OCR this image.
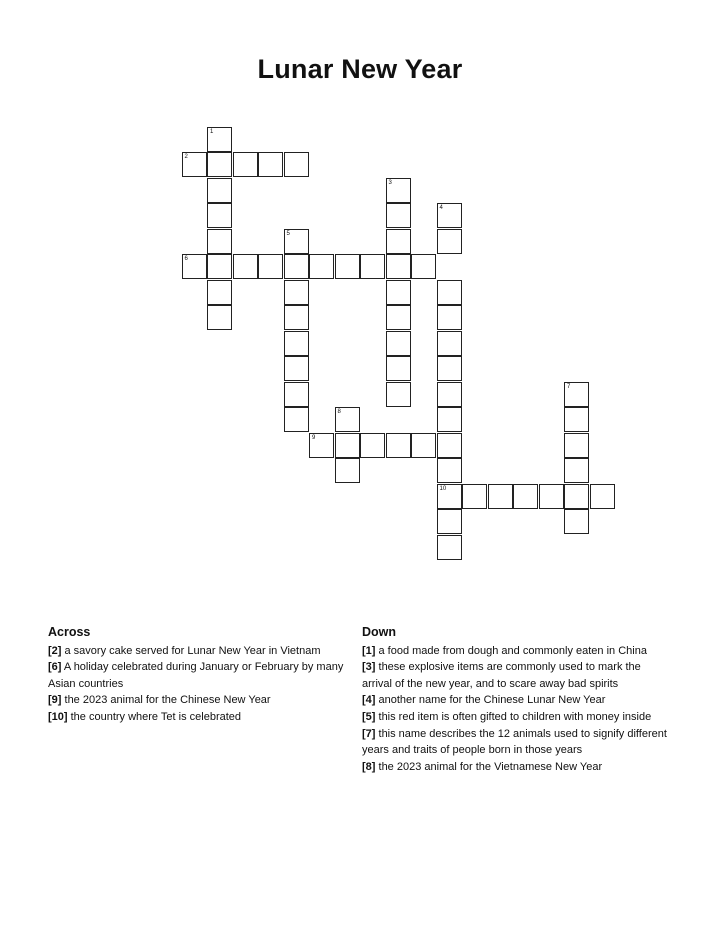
Lunar New Year
1
2
6
5
3
4
8
9
10
7
Across
[2] a savory cake served for Lunar New Year in Vietnam
[6] A holiday celebrated during January or February by many Asian countries
[9] the 2023 animal for the Chinese New Year
[10] the country where Tet is celebrated
Down
[1] a food made from dough and commonly eaten in China
[3] these explosive items are commonly used to mark the arrival of the new year, and to scare away bad spirits
[4] another name for the Chinese Lunar New Year
[5] this red item is often gifted to children with money inside
[7] this name describes the 12 animals used to signify different years and traits of people born in those years
[8] the 2023 animal for the Vietnamese New Year
